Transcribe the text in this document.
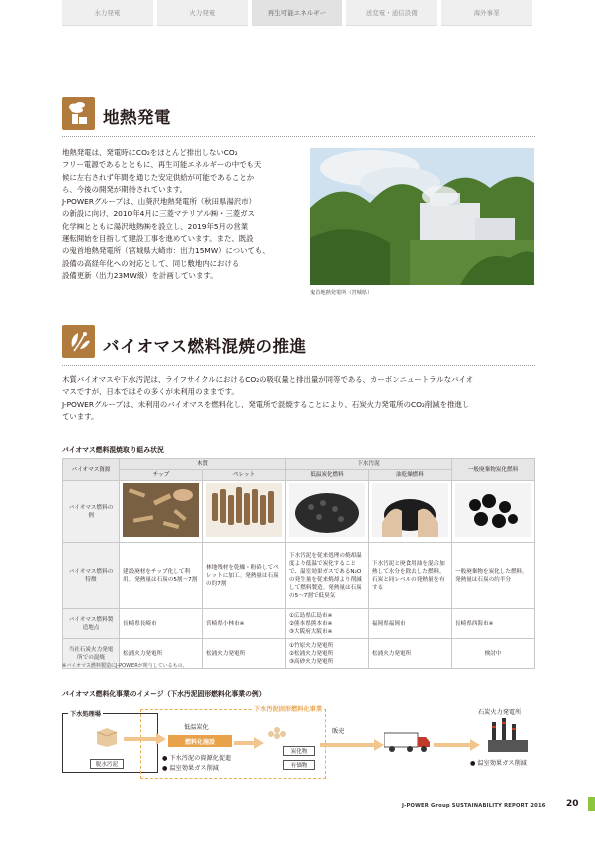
水力発電	火力発電	再生可能エネルギー	送変電・通信設備	海外事業
地熱発電
地熱発電は、発電時にCO₂をほとんど排出しないCO₂
フリー電源であるとともに、再生可能エネルギーの中でも天
候に左右されず年間を通じた安定供給が可能であることか
ら、今後の開発が期待されています。
J-POWERグループは、山葵沢地熱発電所（秋田県湯沢市）
の新設に向け、2010年4月に三菱マテリアル㈱・三菱ガス
化学㈱とともに湯沢地熱㈱を設立し、2019年5月の営業
運転開始を目指して建設工事を進めています。また、既設
の鬼首地熱発電所（宮城県大崎市：出力15MW）についても、
設備の高経年化への対応として、同じ敷地内における
設備更新（出力23MW級）を計画しています。
鬼首地熱発電所（宮城県）
バイオマス燃料混焼の推進
木質バイオマスや下水汚泥は、ライフサイクルにおけるCO₂の吸収量と排出量が同等である、カーボンニュートラルなバイオ
マスですが、日本ではその多くが未利用のままです。
J-POWERグループは、未利用のバイオマスを燃料化し、発電所で混焼することにより、石炭火力発電所のCO₂削減を推進し
ています。
バイオマス燃料混焼取り組み状況
バイオマス資源	木質		下水汚泥		一般廃棄物炭化燃料
	チップ	ペレット	低温炭化燃料	油乾燥燃料	
バイオマス燃料の例					
バイオマス燃料の特徴	建設廃材をチップ化して利用。発熱量は石炭の5割～7割	林地残材を乾燥・粉砕してペレットに加工。発熱量は石炭の約7割	下水汚泥を従来処理の焼却温度より低温で炭化することで、温室効果ガスであるN₂Oの発生量を従来焼却より削減して燃料製造。発熱量は石炭の5～7割で低臭気	下水汚泥と廃食用油を混合加熱して水分を除去した燃料。石炭と同レベルの発熱量を有する	一般廃棄物を炭化した燃料。発熱量は石炭の約半分
バイオマス燃料製造地点	長崎県長崎市	宮崎県小林市※	①広島県広島市※
②熊本県熊本市※
③大阪府大阪市※	福岡県福岡市	長崎県西海市※
当社石炭火力発電所での混焼	松浦火力発電所	松浦火力発電所	①竹原火力発電所
②松浦火力発電所
③高砂火力発電所	松浦火力発電所	検討中
※バイオマス燃料製造にJ-POWERが関与しているもの。
バイオマス燃料化事業のイメージ（下水汚泥固形燃料化事業の例）
下水処理場
脱水汚泥
下水汚泥固形燃料化事業
低温炭化
燃料化施設
炭化物
有価物
● 下水汚泥の資源化促進
● 温室効果ガス削減
販売
石炭火力発電所
● 温室効果ガス削減
J-POWER Group SUSTAINABILITY REPORT 2016 20
